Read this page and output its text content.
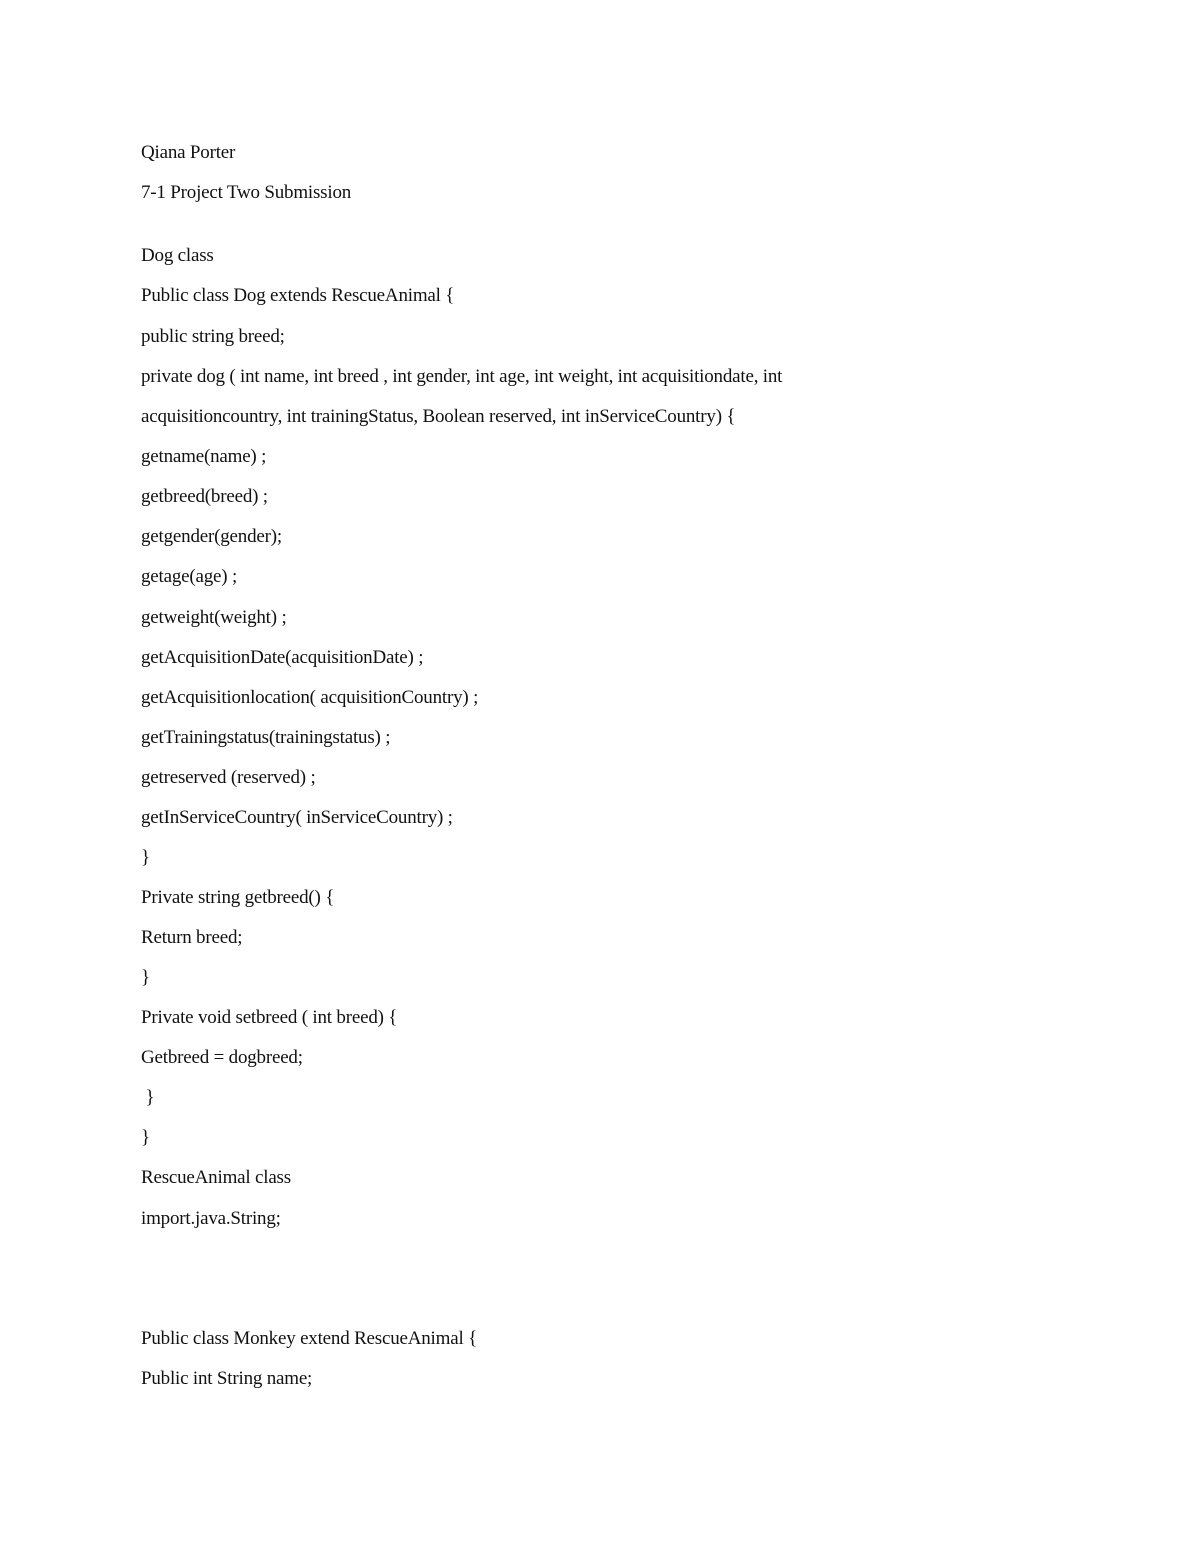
Qiana Porter

7-1 Project Two Submission

Dog class

Public class Dog extends RescueAnimal {

public string breed;

private dog ( int name, int breed , int gender, int age, int weight, int acquisitiondate, int

acquisitioncountry, int trainingStatus, Boolean reserved, int inServiceCountry) {

getname(name) ;

getbreed(breed) ;

getgender(gender);

getage(age) ;

getweight(weight) ;

getAcquisitionDate(acquisitionDate) ;

getAcquisitionlocation( acquisitionCountry) ;

getTrainingstatus(trainingstatus) ;

getreserved (reserved) ;

getInServiceCountry( inServiceCountry) ;

}

Private string getbreed() {

Return breed;

}

Private void setbreed ( int breed) {

Getbreed = dogbreed;

}

}

RescueAnimal class

import.java.String;

Public class Monkey extend RescueAnimal {

Public int String name;
